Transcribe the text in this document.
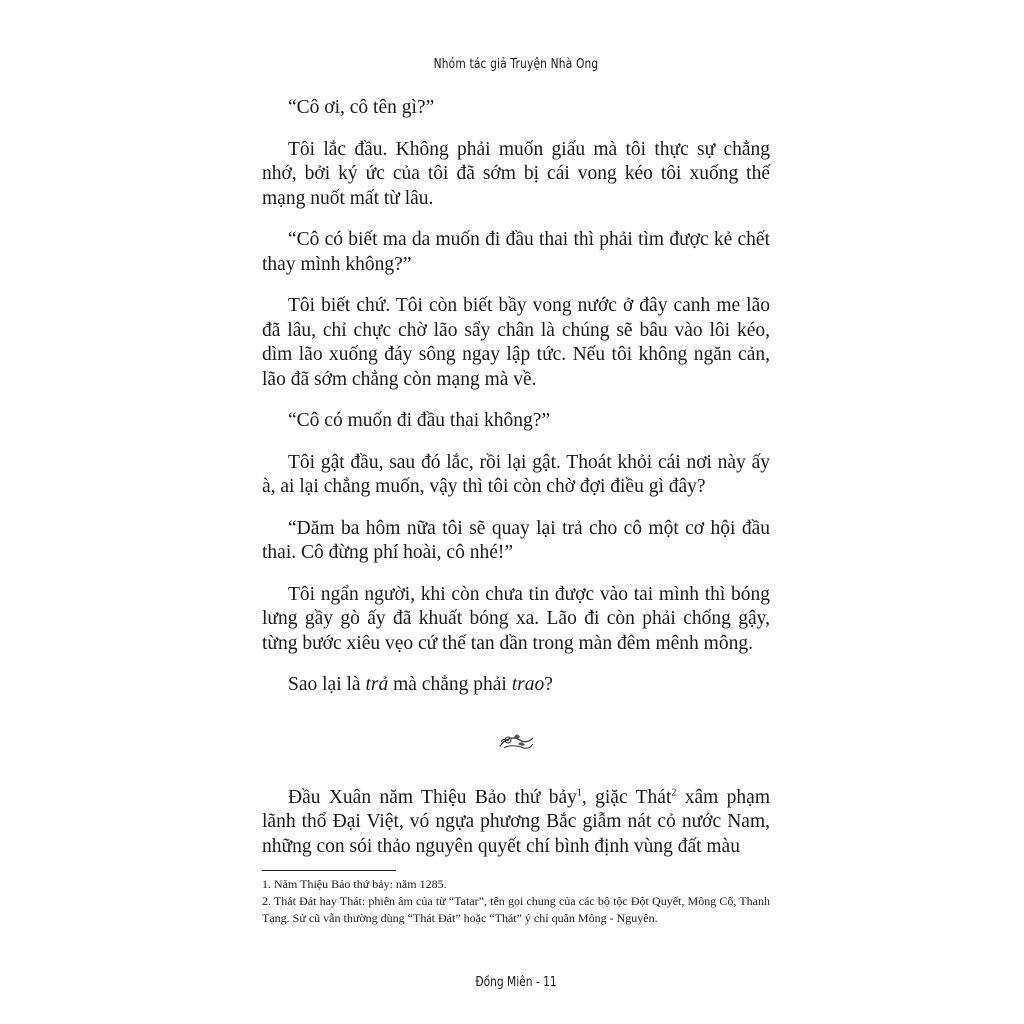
Nhóm tác giả Truyện Nhà Ong

“Cô ơi, cô tên gì?”

Tôi lắc đầu. Không phải muốn giấu mà tôi thực sự chẳng nhớ, bởi ký ức của tôi đã sớm bị cái vong kéo tôi xuống thế mạng nuốt mất từ lâu.

“Cô có biết ma da muốn đi đầu thai thì phải tìm được kẻ chết thay mình không?”

Tôi biết chứ. Tôi còn biết bầy vong nước ở đây canh me lão đã lâu, chỉ chực chờ lão sẩy chân là chúng sẽ bâu vào lôi kéo, dìm lão xuống đáy sông ngay lập tức. Nếu tôi không ngăn cản, lão đã sớm chẳng còn mạng mà về.

“Cô có muốn đi đầu thai không?”

Tôi gật đầu, sau đó lắc, rồi lại gật. Thoát khỏi cái nơi này ấy à, ai lại chẳng muốn, vậy thì tôi còn chờ đợi điều gì đây?

“Dăm ba hôm nữa tôi sẽ quay lại trả cho cô một cơ hội đầu thai. Cô đừng phí hoài, cô nhé!”

Tôi ngẩn người, khi còn chưa tin được vào tai mình thì bóng lưng gầy gò ấy đã khuất bóng xa. Lão đi còn phải chống gậy, từng bước xiêu vẹo cứ thế tan dần trong màn đêm mênh mông.

Sao lại là trả mà chẳng phải trao?

Đầu Xuân năm Thiệu Bảo thứ bảy$^1$, giặc Thát$^2$ xâm phạm lãnh thổ Đại Việt, vó ngựa phương Bắc giẫm nát cỏ nước Nam, những con sói thảo nguyên quyết chí bình định vùng đất màu

1. Năm Thiệu Bảo thứ bảy: năm 1285.

2. Thát Đát hay Thát: phiên âm của từ “Tatar”, tên gọi chung của các bộ tộc Đột Quyết, Mông Cổ, Thanh Tạng. Sử cũ vẫn thường dùng “Thát Đát” hoặc “Thát” ý chỉ quân Mông - Nguyên.

Đồng Miên - 11
